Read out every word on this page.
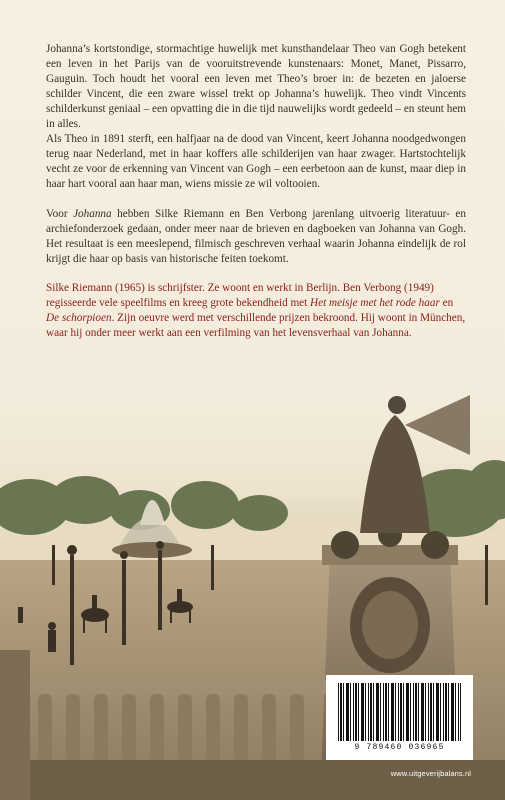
Johanna’s kortstondige, stormachtige huwelijk met kunsthandelaar Theo van Gogh betekent een leven in het Parijs van de vooruitstrevende kunstenaars: Monet, Manet, Pissarro, Gauguin. Toch houdt het vooral een leven met Theo’s broer in: de bezeten en jaloerse schilder Vincent, die een zware wissel trekt op Johanna’s huwelijk. Theo vindt Vincents schilderkunst geniaal – een opvatting die in die tijd nauwelijks wordt gedeeld – en steunt hem in alles.

Als Theo in 1891 sterft, een halfjaar na de dood van Vincent, keert Johanna noodgedwongen terug naar Nederland, met in haar koffers alle schilderijen van haar zwager. Hartstochtelijk vecht ze voor de erkenning van Vincent van Gogh – een eerbetoon aan de kunst, maar diep in haar hart vooral aan haar man, wiens missie ze wil voltooien.

Voor Johanna hebben Silke Riemann en Ben Verbong jarenlang uitvoerig literatuur- en archiefonderzoek gedaan, onder meer naar de brieven en dagboeken van Johanna van Gogh. Het resultaat is een meeslepend, filmisch geschreven verhaal waarin Johanna eindelijk de rol krijgt die haar op basis van historische feiten toekomt.

Silke Riemann (1965) is schrijfster. Ze woont en werkt in Berlijn. Ben Verbong (1949) regisseerde vele speelfilms en kreeg grote bekendheid met Het meisje met het rode haar en De schorpioen. Zijn oeuvre werd met verschillende prijzen bekroond. Hij woont in München, waar hij onder meer werkt aan een verfilming van het levensverhaal van Johanna.

9 789460 036965
www.uitgeverijbalans.nl
